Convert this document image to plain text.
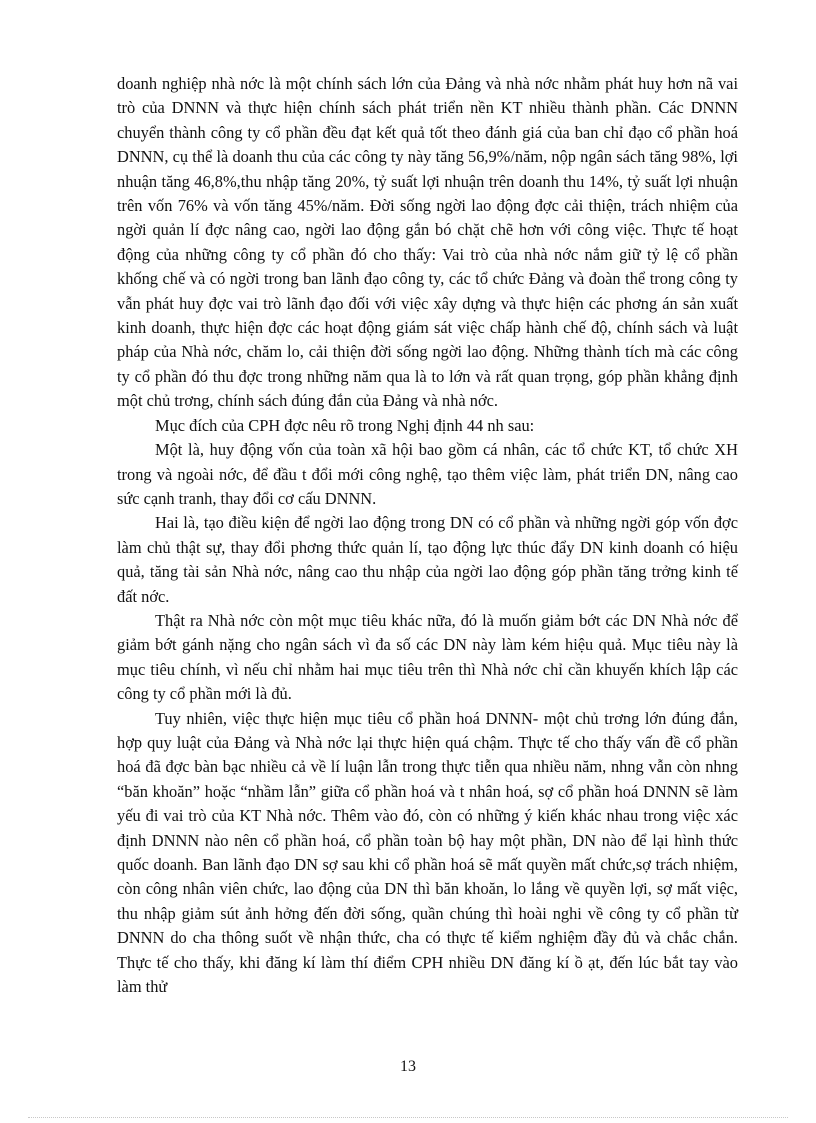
doanh nghiệp nhà nớc là một chính sách lớn của Đảng và nhà nớc nhằm phát huy hơn nã vai trò của DNNN và thực hiện chính sách phát triển nền KT nhiều thành phần. Các DNNN chuyển thành công ty cổ phần đều đạt kết quả tốt theo đánh giá của ban chỉ đạo cổ phần hoá DNNN, cụ thể là doanh thu của các công ty này tăng 56,9%/năm, nộp ngân sách tăng 98%, lợi nhuận tăng 46,8%,thu nhập tăng 20%, tỷ suất lợi nhuận trên doanh thu 14%, tỷ suất lợi nhuận trên vốn 76% và vốn tăng 45%/năm. Đời sống ngời lao động đợc cải thiện, trách nhiệm của ngời quản lí đợc nâng cao, ngời lao động gắn bó chặt chẽ hơn với công việc. Thực tế hoạt động của những công ty cổ phần đó cho thấy: Vai trò của nhà nớc nắm giữ tỷ lệ cổ phần khống chế và có ngời trong ban lãnh đạo công ty, các tổ chức Đảng và đoàn thể trong công ty vẫn phát huy đợc vai trò lãnh đạo đối với việc xây dựng và thực hiện các phơng án sản xuất kinh doanh, thực hiện đợc các hoạt động giám sát việc chấp hành chế độ, chính sách và luật pháp của Nhà nớc, chăm lo, cải thiện đời sống ngời lao động. Những thành tích mà các công ty cổ phần đó thu đợc trong những năm qua là to lớn và rất quan trọng, góp phần khẳng định một chủ trơng, chính sách đúng đắn của Đảng và nhà nớc.

Mục đích của CPH đợc nêu rõ trong Nghị định 44 nh sau:

Một là, huy động vốn của toàn xã hội bao gồm cá nhân, các tổ chức KT, tổ chức XH trong và ngoài nớc, để đầu t đổi mới công nghệ, tạo thêm việc làm, phát triển DN, nâng cao sức cạnh tranh, thay đổi cơ cấu DNNN.

Hai là, tạo điều kiện để ngời lao động trong DN có cổ phần và những ngời góp vốn đợc làm chủ thật sự, thay đổi phơng thức quản lí, tạo động lực thúc đẩy DN kinh doanh có hiệu quả, tăng tài sản Nhà nớc, nâng cao thu nhập của ngời lao động góp phần tăng trởng kinh tế đất nớc.

Thật ra Nhà nớc còn một mục tiêu khác nữa, đó là muốn giảm bớt các DN Nhà nớc để giảm bớt gánh nặng cho ngân sách vì đa số các DN này làm kém hiệu quả. Mục tiêu này là mục tiêu chính, vì nếu chỉ nhằm hai mục tiêu trên thì Nhà nớc chỉ cần khuyến khích lập các công ty cổ phần mới là đủ.

Tuy nhiên, việc thực hiện mục tiêu cổ phần hoá DNNN- một chủ trơng lớn đúng đắn, hợp quy luật của Đảng và Nhà nớc lại thực hiện quá chậm. Thực tế cho thấy vấn đề cổ phần hoá đã đợc bàn bạc nhiều cả về lí luận lẫn trong thực tiễn qua nhiều năm, nhng vẫn còn nhng “băn khoăn” hoặc “nhầm lẫn” giữa cổ phần hoá và t nhân hoá, sợ cổ phần hoá DNNN sẽ làm yếu đi vai trò của KT Nhà nớc. Thêm vào đó, còn có những ý kiến khác nhau trong việc xác định DNNN nào nên cổ phần hoá, cổ phần toàn bộ hay một phần, DN nào để lại hình thức quốc doanh. Ban lãnh đạo DN sợ sau khi cổ phần hoá sẽ mất quyền mất chức,sợ trách nhiệm, còn công nhân viên chức, lao động của DN thì băn khoăn, lo lắng về quyền lợi, sợ mất việc, thu nhập giảm sút ảnh hởng đến đời sống, quần chúng thì hoài nghi về công ty cổ phần từ DNNN do cha thông suốt về nhận thức, cha có thực tế kiểm nghiệm đầy đủ và chắc chắn. Thực tế cho thấy, khi đăng kí làm thí điểm CPH nhiều DN đăng kí ồ ạt, đến lúc bắt tay vào làm thử

13
